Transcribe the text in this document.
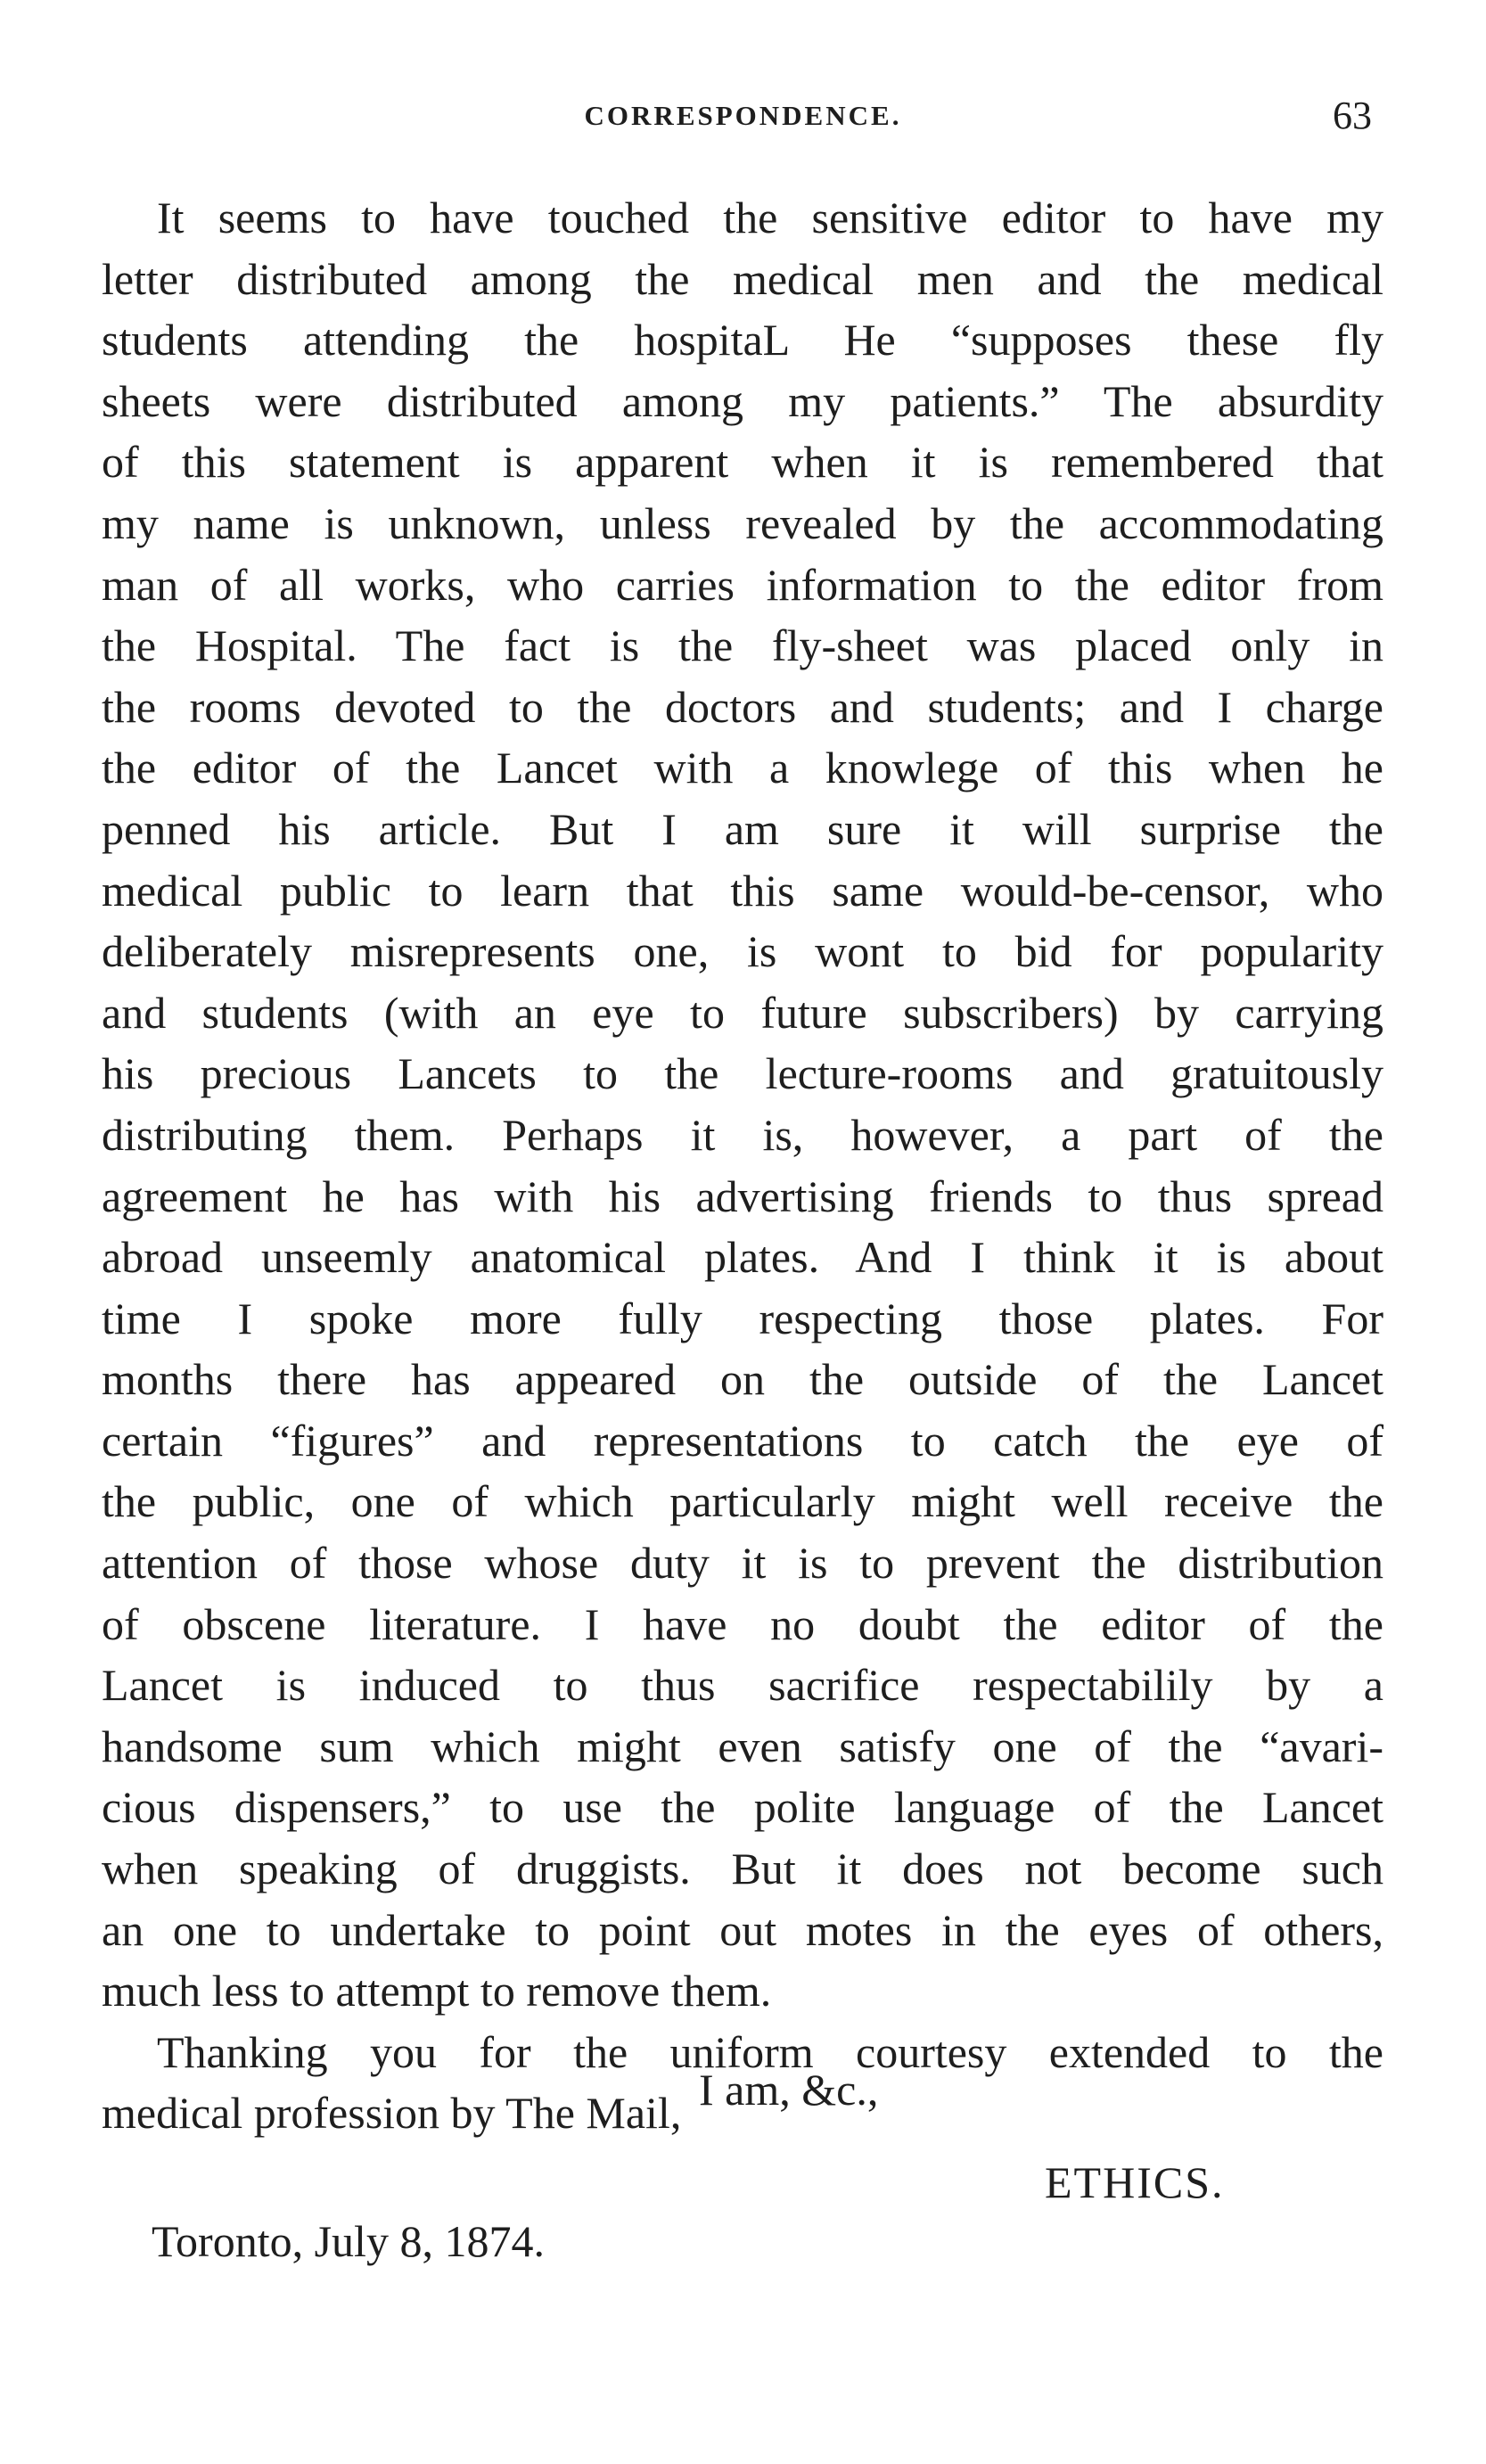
CORRESPONDENCE.	63
It seems to have touched the sensitive editor to have my
letter distributed among the medical men and the medical
students attending the hospitaL He “supposes these fly
sheets were distributed among my patients.” The absurdity
of this statement is apparent when it is remembered that
my name is unknown, unless revealed by the accommodating
man of all works, who carries information to the editor from
the Hospital. The fact is the fly-sheet was placed only in
the rooms devoted to the doctors and students; and I charge
the editor of the Lancet with a knowlege of this when he
penned his article. But I am sure it will surprise the
medical public to learn that this same would-be-censor, who
deliberately misrepresents one, is wont to bid for popularity
and students (with an eye to future subscribers) by carrying
his precious Lancets to the lecture-rooms and gratuitously
distributing them. Perhaps it is, however, a part of the
agreement he has with his advertising friends to thus spread
abroad unseemly anatomical plates. And I think it is about
time I spoke more fully respecting those plates. For
months there has appeared on the outside of the Lancet
certain “figures” and representations to catch the eye of
the public, one of which particularly might well receive the
attention of those whose duty it is to prevent the distribution
of obscene literature. I have no doubt the editor of the
Lancet is induced to thus sacrifice respectabilily by a
handsome sum which might even satisfy one of the “avari-
cious dispensers,” to use the polite language of the Lancet
when speaking of druggists. But it does not become such
an one to undertake to point out motes in the eyes of others,
much less to attempt to remove them.
Thanking you for the uniform courtesy extended to the
medical profession by The Mail, I am, &c.,
ETHICS.
Toronto, July 8, 1874.
